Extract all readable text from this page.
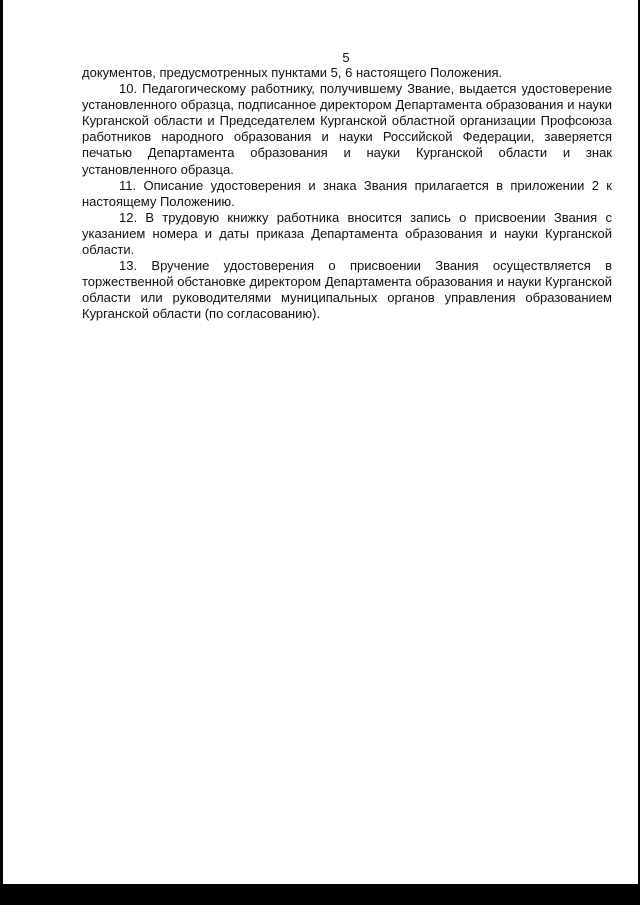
5

документов, предусмотренных пунктами 5, 6 настоящего Положения.

10. Педагогическому работнику, получившему Звание, выдается удостоверение установленного образца, подписанное директором Департамента образования и науки Курганской области и Председателем Курганской областной организации Профсоюза работников народного образования и науки Российской Федерации, заверяется печатью Департамента образования и науки Курганской области и знак установленного образца.

11. Описание удостоверения и знака Звания прилагается в приложении 2 к настоящему Положению.

12. В трудовую книжку работника вносится запись о присвоении Звания с указанием номера и даты приказа Департамента образования и науки Курганской области.

13. Вручение удостоверения о присвоении Звания осуществляется в торжественной обстановке директором Департамента образования и науки Курганской области или руководителями муниципальных органов управления образованием Курганской области (по согласованию).
